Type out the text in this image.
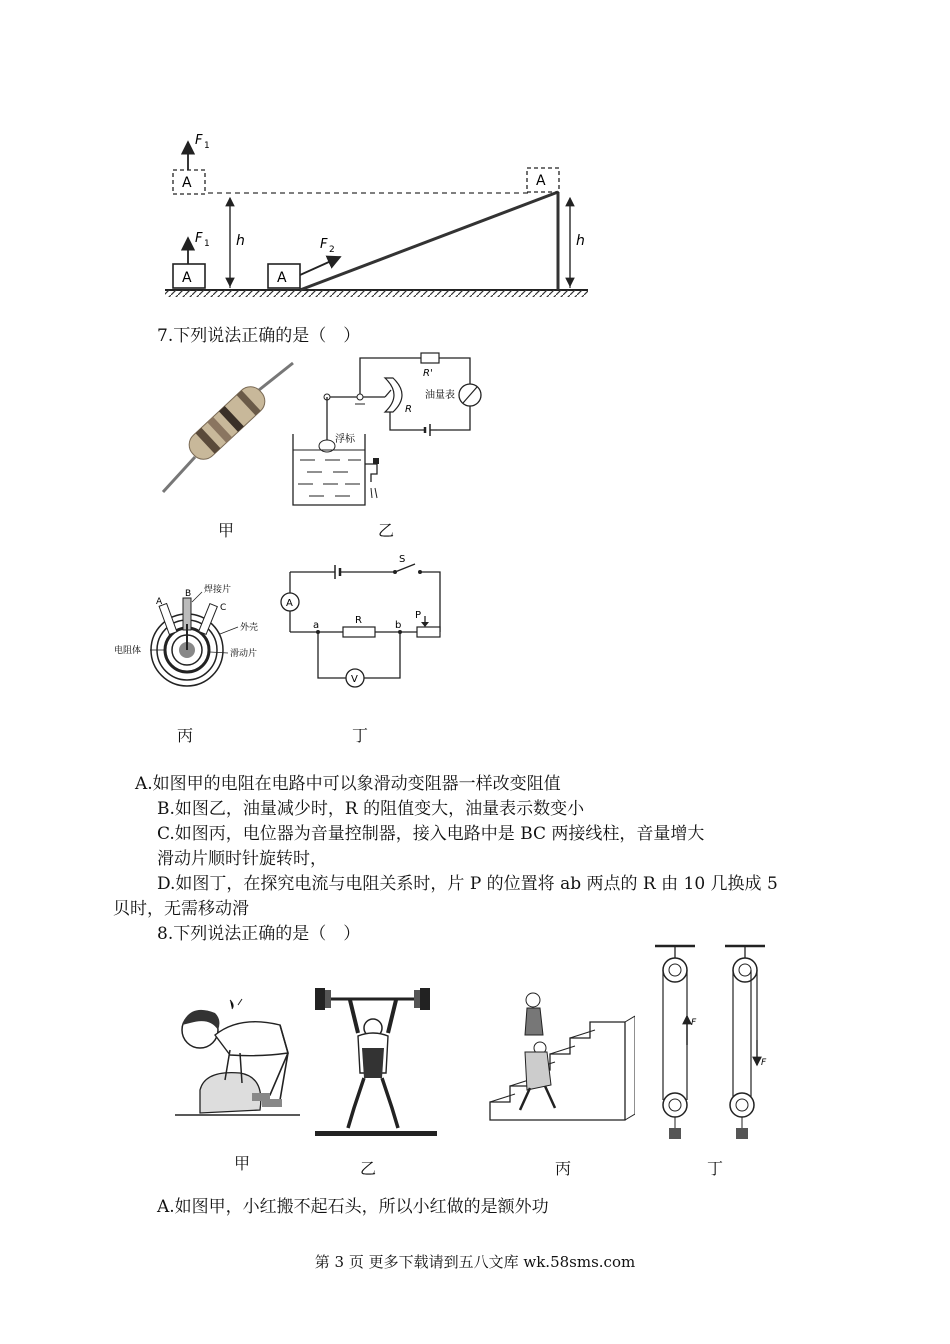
A
F 1
A
F 1
h
A
F 2
A
h
7.下列说法正确的是（　）
甲
R'
油量表
R
浮标
乙
A
B
C
焊接片
外壳
电阻体	滑动片
丙
S
A
R
a	b
P
V
丁
A.如图甲的电阻在电路中可以象滑动变阻器一样改变阻值
B.如图乙，油量减少时，R 的阻值变大，油量表示数变小
C.如图丙，电位器为音量控制器，接入电路中是 BC 两接线柱，音量增大
滑动片顺时针旋转时，
D.如图丁，在探究电流与电阻关系时，片 P 的位置将 ab 两点的 R 由 10 几换成 5
贝时，无需移动滑
8.下列说法正确的是（　）
甲	乙	丙
F
F
丁
A.如图甲，小红搬不起石头，所以小红做的是额外功
第 3 页 更多下载请到五八文库 wk.58sms.com
